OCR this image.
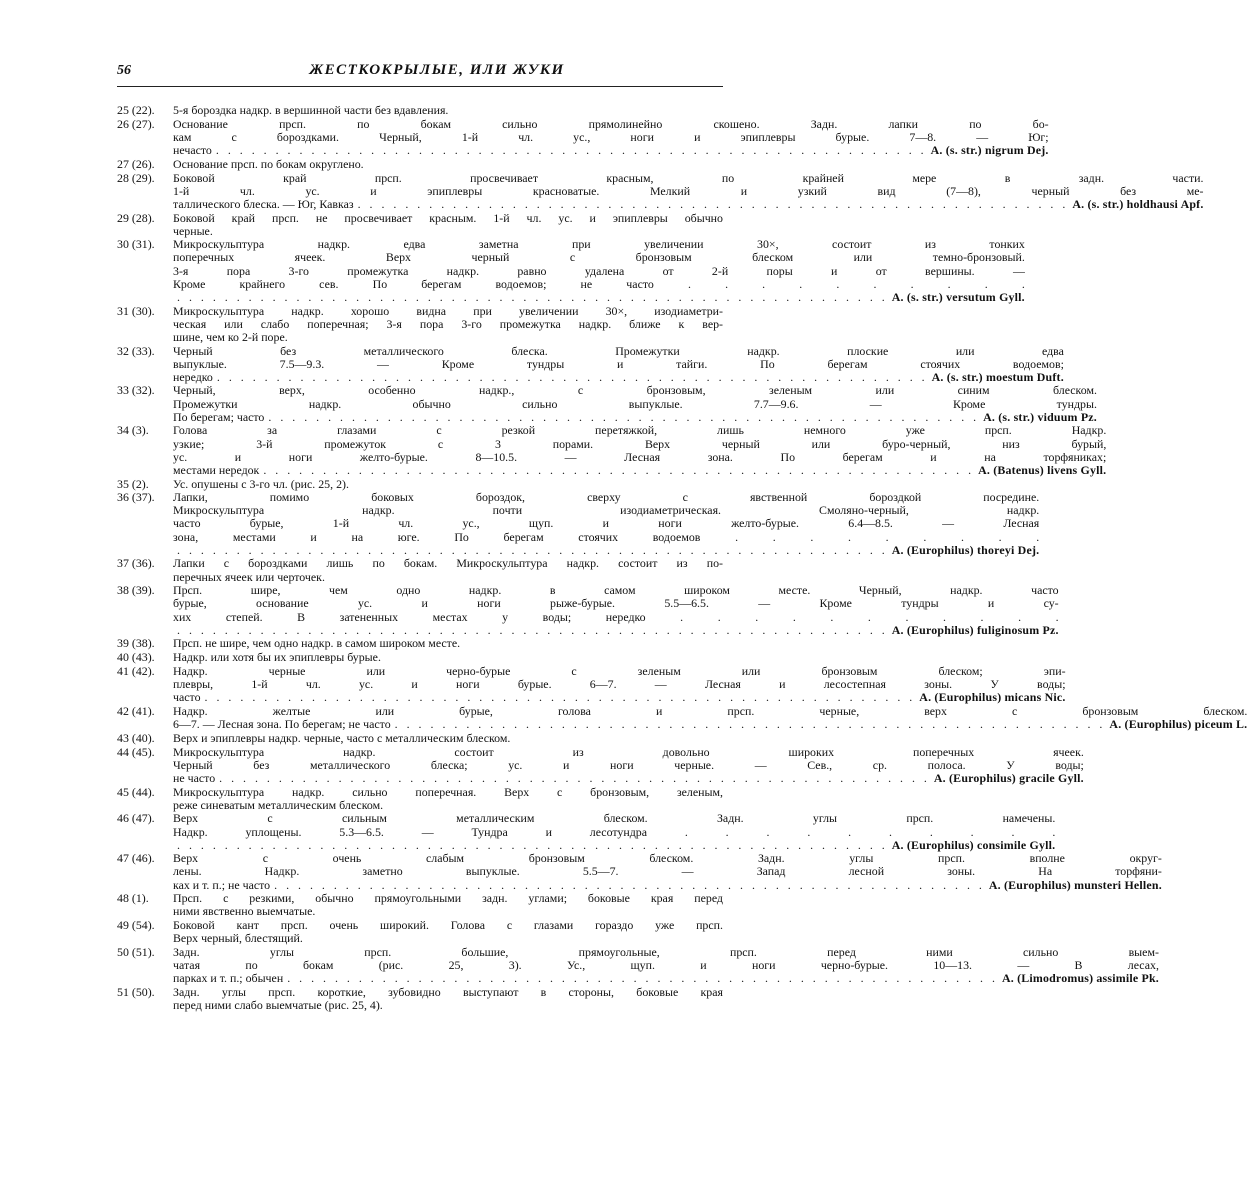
56	ЖЕСТКОКРЫЛЫЕ, ИЛИ ЖУКИ
25 (22).	5-я бороздка надкр. в вершинной части без вдавления.
26 (27).	Основание прсп. по бокам сильно прямолинейно скошено. Задн. лапки по бо-
кам с бороздками. Черный, 1-й чл. ус., ноги и эпиплевры бурые. 7—8. — Юг;
нечасто . . . . . . . . . . . . . . . . . . . . . . . . . . . . . . . . . . . . . . . . . . . . . . . . . . . . . . . . . . . . A. (s. str.) nigrum Dej.
27 (26).	Основание прсп. по бокам округлено.
28 (29).	Боковой край прсп. просвечивает красным, по крайней мере в задн. части.
1-й чл. ус. и эпиплевры красноватые. Мелкий и узкий вид (7—8), черный без ме-
таллического блеска. — Юг, Кавказ . . . . . . . . . . . . . . . . . . . . . . . . . . . . . . . . . . . . . . . . . . . . . . . . . . . . . . . . . . . . A. (s. str.) holdhausi Apf.
29 (28).	Боковой край прсп. не просвечивает красным. 1-й чл. ус. и эпиплевры обычно
черные.
30 (31).	Микроскульптура надкр. едва заметна при увеличении 30×, состоит из тонких
поперечных ячеек. Верх черный с бронзовым блеском или темно-бронзовый.
3-я пора 3-го промежутка надкр. равно удалена от 2-й поры и от вершины. —
Кроме крайнего сев. По берегам водоемов; не часто . . . . . . . . . .
. . . . . . . . . . . . . . . . . . . . . . . . . . . . . . . . . . . . . . . . . . . . . . . . . . . . . . . . . . . . A. (s. str.) versutum Gyll.
31 (30).	Микроскульптура надкр. хорошо видна при увеличении 30×, изодиаметри-
ческая или слабо поперечная; 3-я пора 3-го промежутка надкр. ближе к вер-
шине, чем ко 2-й поре.
32 (33).	Черный без металлического блеска. Промежутки надкр. плоские или едва
выпуклые. 7.5—9.3. — Кроме тундры и тайги. По берегам стоячих водоемов;
нередко . . . . . . . . . . . . . . . . . . . . . . . . . . . . . . . . . . . . . . . . . . . . . . . . . . . . . . . . . . . . A. (s. str.) moestum Duft.
33 (32).	Черный, верх, особенно надкр., с бронзовым, зеленым или синим блеском.
Промежутки надкр. обычно сильно выпуклые. 7.7—9.6. — Кроме тундры.
По берегам; часто . . . . . . . . . . . . . . . . . . . . . . . . . . . . . . . . . . . . . . . . . . . . . . . . . . . . . . . . . . . . A. (s. str.) viduum Pz.
34 (3).	Голова за глазами с резкой перетяжкой, лишь немного уже прсп. Надкр.
узкие; 3-й промежуток с 3 порами. Верх черный или буро-черный, низ бурый,
ус. и ноги желто-бурые. 8—10.5. — Лесная зона. По берегам и на торфяниках;
местами нередок . . . . . . . . . . . . . . . . . . . . . . . . . . . . . . . . . . . . . . . . . . . . . . . . . . . . . . . . . . . . A. (Batenus) livens Gyll.
35 (2).	Ус. опушены с 3-го чл. (рис. 25, 2).
36 (37).	Лапки, помимо боковых бороздок, сверху с явственной бороздкой посредине.
Микроскульптура надкр. почти изодиаметрическая. Смоляно-черный, надкр.
часто бурые, 1-й чл. ус., щуп. и ноги желто-бурые. 6.4—8.5. — Лесная
зона, местами и на юге. По берегам стоячих водоемов . . . . . . . . .
. . . . . . . . . . . . . . . . . . . . . . . . . . . . . . . . . . . . . . . . . . . . . . . . . . . . . . . . . . . . A. (Europhilus) thoreyi Dej.
37 (36).	Лапки с бороздками лишь по бокам. Микроскульптура надкр. состоит из по-
перечных ячеек или черточек.
38 (39).	Прсп. шире, чем одно надкр. в самом широком месте. Черный, надкр. часто
бурые, основание ус. и ноги рыже-бурые. 5.5—6.5. — Кроме тундры и су-
хих степей. В затененных местах у воды; нередко . . . . . . . . . . .
. . . . . . . . . . . . . . . . . . . . . . . . . . . . . . . . . . . . . . . . . . . . . . . . . . . . . . . . . . . . A. (Europhilus) fuliginosum Pz.
39 (38).	Прсп. не шире, чем одно надкр. в самом широком месте.
40 (43).	Надкр. или хотя бы их эпиплевры бурые.
41 (42).	Надкр. черные или черно-бурые с зеленым или бронзовым блеском; эпи-
плевры, 1-й чл. ус. и ноги бурые. 6—7. — Лесная и лесостепная зоны. У воды;
часто . . . . . . . . . . . . . . . . . . . . . . . . . . . . . . . . . . . . . . . . . . . . . . . . . . . . . . . . . . . . A. (Europhilus) micans Nic.
42 (41).	Надкр. желтые или бурые, голова и прсп. черные, верх с бронзовым блеском.
6—7. — Лесная зона. По берегам; не часто . . . . . . . . . . . . . . . . . . . . . . . . . . . . . . . . . . . . . . . . . . . . . . . . . . . . . . . . . . . . A. (Europhilus) piceum L.
43 (40).	Верх и эпиплевры надкр. черные, часто с металлическим блеском.
44 (45).	Микроскульптура надкр. состоит из довольно широких поперечных ячеек.
Черный без металлического блеска; ус. и ноги черные. — Сев., ср. полоса. У воды;
не часто . . . . . . . . . . . . . . . . . . . . . . . . . . . . . . . . . . . . . . . . . . . . . . . . . . . . . . . . . . . . A. (Europhilus) gracile Gyll.
45 (44).	Микроскульптура надкр. сильно поперечная. Верх с бронзовым, зеленым,
реже синеватым металлическим блеском.
46 (47).	Верх с сильным металлическим блеском. Задн. углы прсп. намечены.
Надкр. уплощены. 5.3—6.5. — Тундра и лесотундра . . . . . . . . . .
. . . . . . . . . . . . . . . . . . . . . . . . . . . . . . . . . . . . . . . . . . . . . . . . . . . . . . . . . . . . A. (Europhilus) consimile Gyll.
47 (46).	Верх с очень слабым бронзовым блеском. Задн. углы прсп. вполне округ-
лены. Надкр. заметно выпуклые. 5.5—7. — Запад лесной зоны. На торфяни-
ках и т. п.; не часто . . . . . . . . . . . . . . . . . . . . . . . . . . . . . . . . . . . . . . . . . . . . . . . . . . . . . . . . . . . . A. (Europhilus) munsteri Hellen.
48 (1).	Прсп. с резкими, обычно прямоугольными задн. углами; боковые края перед
ними явственно выемчатые.
49 (54).	Боковой кант прсп. очень широкий. Голова с глазами гораздо уже прсп.
Верх черный, блестящий.
50 (51).	Задн. углы прсп. большие, прямоугольные, прсп. перед ними сильно выем-
чатая по бокам (рис. 25, 3). Ус., щуп. и ноги черно-бурые. 10—13. — В лесах,
парках и т. п.; обычен . . . . . . . . . . . . . . . . . . . . . . . . . . . . . . . . . . . . . . . . . . . . . . . . . . . . . . . . . . . . A. (Limodromus) assimile Pk.
51 (50).	Задн. углы прсп. короткие, зубовидно выступают в стороны, боковые края
перед ними слабо выемчатые (рис. 25, 4).
